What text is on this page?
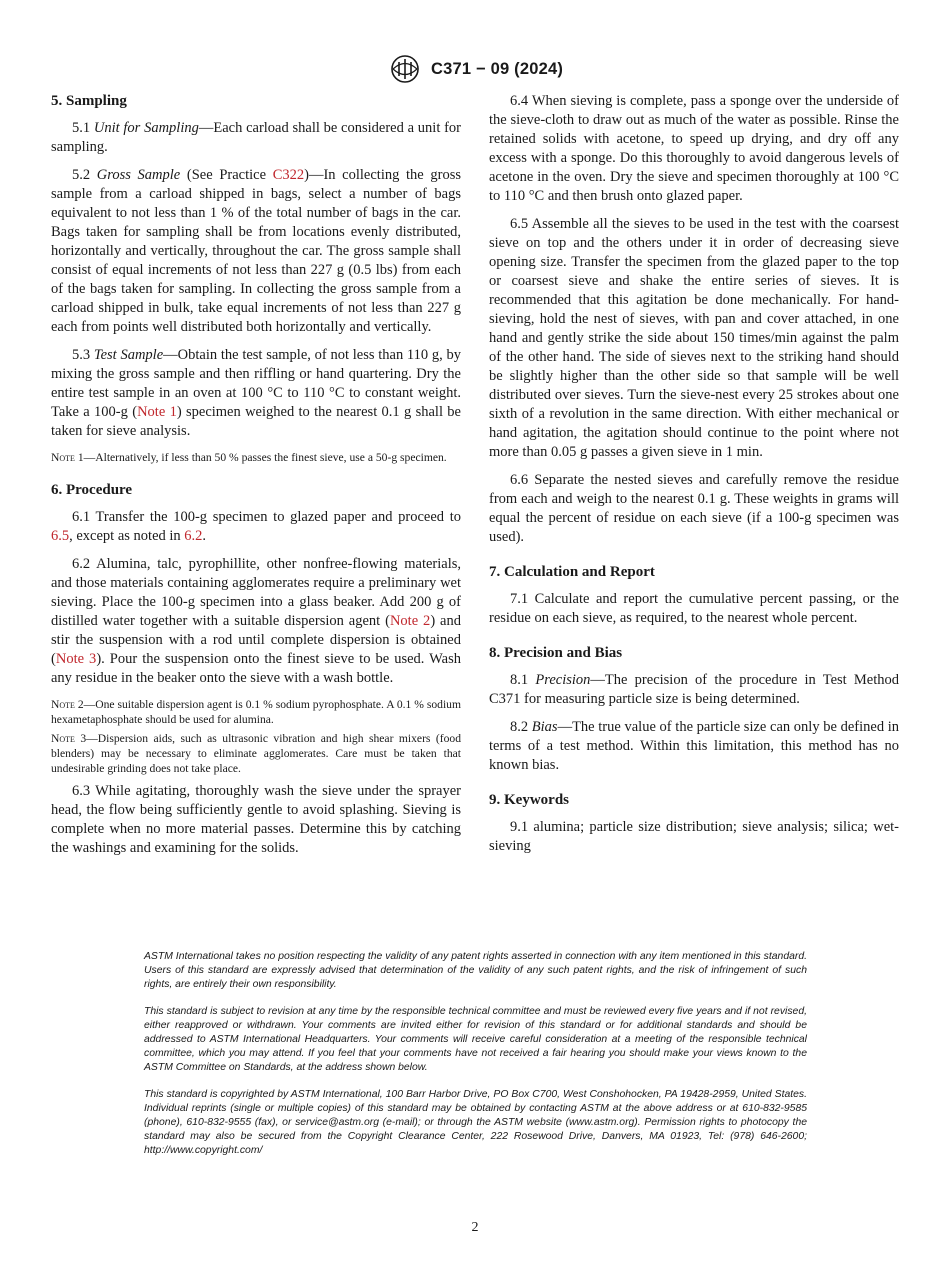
C371 − 09 (2024)
5. Sampling

5.1 Unit for Sampling—Each carload shall be considered a unit for sampling.

5.2 Gross Sample (See Practice C322)—In collecting the gross sample from a carload shipped in bags, select a number of bags equivalent to not less than 1 % of the total number of bags in the car. Bags taken for sampling shall be from locations evenly distributed, horizontally and vertically, throughout the car. The gross sample shall consist of equal increments of not less than 227 g (0.5 lbs) from each of the bags taken for sampling. In collecting the gross sample from a carload shipped in bulk, take equal increments of not less than 227 g each from points well distributed both horizontally and vertically.

5.3 Test Sample—Obtain the test sample, of not less than 110 g, by mixing the gross sample and then riffling or hand quartering. Dry the entire test sample in an oven at 100 °C to 110 °C to constant weight. Take a 100-g (Note 1) specimen weighed to the nearest 0.1 g shall be taken for sieve analysis.

Note 1—Alternatively, if less than 50 % passes the finest sieve, use a 50-g specimen.

6. Procedure

6.1 Transfer the 100-g specimen to glazed paper and proceed to 6.5, except as noted in 6.2.

6.2 Alumina, talc, pyrophillite, other nonfree-flowing materials, and those materials containing agglomerates require a preliminary wet sieving. Place the 100-g specimen into a glass beaker. Add 200 g of distilled water together with a suitable dispersion agent (Note 2) and stir the suspension with a rod until complete dispersion is obtained (Note 3). Pour the suspension onto the finest sieve to be used. Wash any residue in the beaker onto the sieve with a wash bottle.

Note 2—One suitable dispersion agent is 0.1 % sodium pyrophosphate. A 0.1 % sodium hexametaphosphate should be used for alumina.

Note 3—Dispersion aids, such as ultrasonic vibration and high shear mixers (food blenders) may be necessary to eliminate agglomerates. Care must be taken that undesirable grinding does not take place.

6.3 While agitating, thoroughly wash the sieve under the sprayer head, the flow being sufficiently gentle to avoid splashing. Sieving is complete when no more material passes. Determine this by catching the washings and examining for the solids.

6.4 When sieving is complete, pass a sponge over the underside of the sieve-cloth to draw out as much of the water as possible. Rinse the retained solids with acetone, to speed up drying, and dry off any excess with a sponge. Do this thoroughly to avoid dangerous levels of acetone in the oven. Dry the sieve and specimen thoroughly at 100 °C to 110 °C and then brush onto glazed paper.

6.5 Assemble all the sieves to be used in the test with the coarsest sieve on top and the others under it in order of decreasing sieve opening size. Transfer the specimen from the glazed paper to the top or coarsest sieve and shake the entire series of sieves. It is recommended that this agitation be done mechanically. For hand-sieving, hold the nest of sieves, with pan and cover attached, in one hand and gently strike the side about 150 times/min against the palm of the other hand. The side of sieves next to the striking hand should be slightly higher than the other side so that sample will be well distributed over sieves. Turn the sieve-nest every 25 strokes about one sixth of a revolution in the same direction. With either mechanical or hand agitation, the agitation should continue to the point where not more than 0.05 g passes a given sieve in 1 min.

6.6 Separate the nested sieves and carefully remove the residue from each and weigh to the nearest 0.1 g. These weights in grams will equal the percent of residue on each sieve (if a 100-g specimen was used).

7. Calculation and Report

7.1 Calculate and report the cumulative percent passing, or the residue on each sieve, as required, to the nearest whole percent.

8. Precision and Bias

8.1 Precision—The precision of the procedure in Test Method C371 for measuring particle size is being determined.

8.2 Bias—The true value of the particle size can only be defined in terms of a test method. Within this limitation, this method has no known bias.

9. Keywords

9.1 alumina; particle size distribution; sieve analysis; silica; wet-sieving

ASTM International takes no position respecting the validity of any patent rights asserted in connection with any item mentioned in this standard. Users of this standard are expressly advised that determination of the validity of any such patent rights, and the risk of infringement of such rights, are entirely their own responsibility.

This standard is subject to revision at any time by the responsible technical committee and must be reviewed every five years and if not revised, either reapproved or withdrawn. Your comments are invited either for revision of this standard or for additional standards and should be addressed to ASTM International Headquarters. Your comments will receive careful consideration at a meeting of the responsible technical committee, which you may attend. If you feel that your comments have not received a fair hearing you should make your views known to the ASTM Committee on Standards, at the address shown below.

This standard is copyrighted by ASTM International, 100 Barr Harbor Drive, PO Box C700, West Conshohocken, PA 19428-2959, United States. Individual reprints (single or multiple copies) of this standard may be obtained by contacting ASTM at the above address or at 610-832-9585 (phone), 610-832-9555 (fax), or service@astm.org (e-mail); or through the ASTM website (www.astm.org). Permission rights to photocopy the standard may also be secured from the Copyright Clearance Center, 222 Rosewood Drive, Danvers, MA 01923, Tel: (978) 646-2600; http://www.copyright.com/

2
